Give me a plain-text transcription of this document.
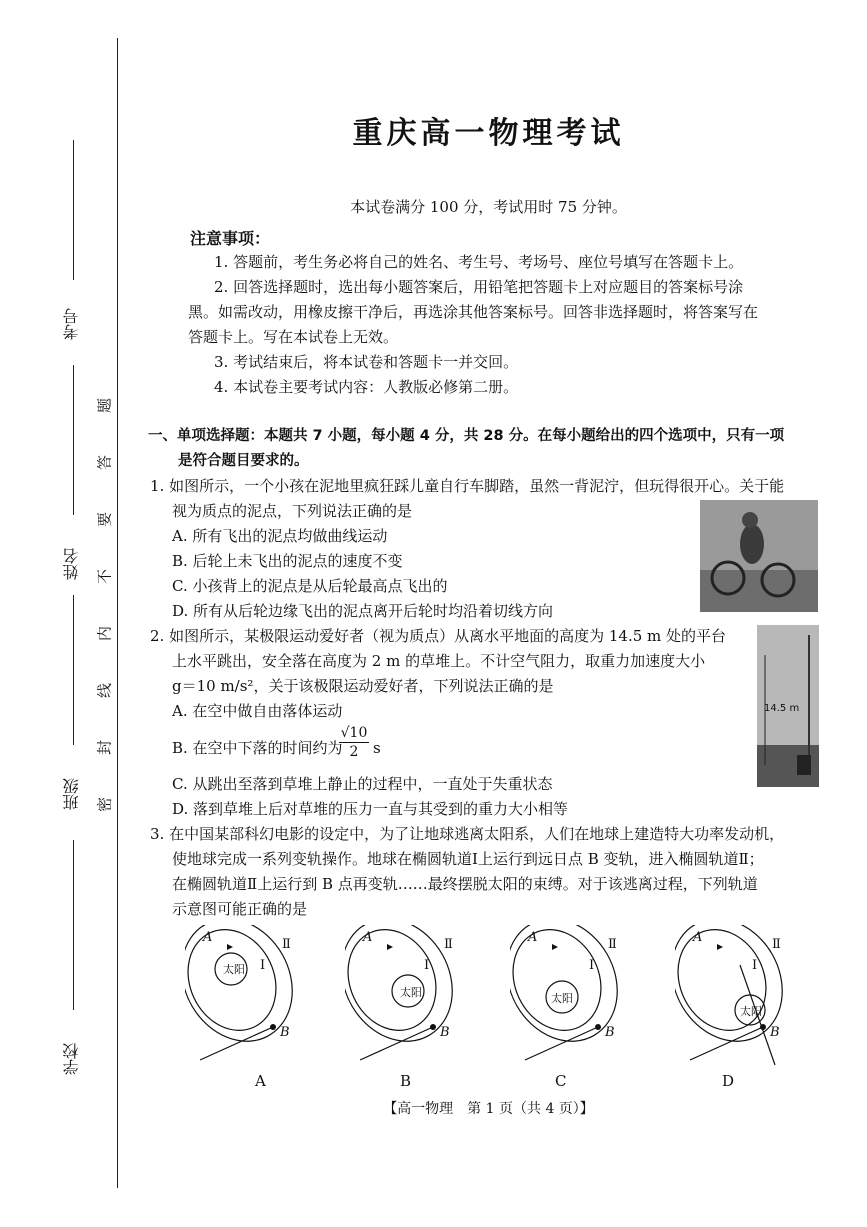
考号
姓名
班级
学校
题
答
要
不
内
线
封
密
重庆高一物理考试
本试卷满分 100 分，考试用时 75 分钟。
注意事项：
1. 答题前，考生务必将自己的姓名、考生号、考场号、座位号填写在答题卡上。
2. 回答选择题时，选出每小题答案后，用铅笔把答题卡上对应题目的答案标号涂
黑。如需改动，用橡皮擦干净后，再选涂其他答案标号。回答非选择题时，将答案写在
答题卡上。写在本试卷上无效。
3. 考试结束后，将本试卷和答题卡一并交回。
4. 本试卷主要考试内容：人教版必修第二册。
一、单项选择题：本题共 7 小题，每小题 4 分，共 28 分。在每小题给出的四个选项中，只有一项
是符合题目要求的。
1. 如图所示，一个小孩在泥地里疯狂踩儿童自行车脚踏，虽然一背泥泞，但玩得很开心。关于能
视为质点的泥点，下列说法正确的是
A. 所有飞出的泥点均做曲线运动
B. 后轮上未飞出的泥点的速度不变
C. 小孩背上的泥点是从后轮最高点飞出的
D. 所有从后轮边缘飞出的泥点离开后轮时均沿着切线方向
2. 如图所示，某极限运动爱好者（视为质点）从离水平地面的高度为 14.5 m 处的平台
上水平跳出，安全落在高度为 2 m 的草堆上。不计空气阻力，取重力加速度大小
g＝10 m/s²，关于该极限运动爱好者，下列说法正确的是
A. 在空中做自由落体运动
B. 在空中下落的时间约为
$\frac{√10}{2}$ s
C. 从跳出至落到草堆上静止的过程中，一直处于失重状态
D. 落到草堆上后对草堆的压力一直与其受到的重力大小相等
14.5 m
3. 在中国某部科幻电影的设定中，为了让地球逃离太阳系，人们在地球上建造特大功率发动机，
使地球完成一系列变轨操作。地球在椭圆轨道Ⅰ上运行到远日点 B 变轨，进入椭圆轨道Ⅱ；
在椭圆轨道Ⅱ上运行到 B 点再变轨……最终摆脱太阳的束缚。对于该逃离过程，下列轨道
示意图可能正确的是
太阳
A
B
Ⅰ
Ⅱ
A
太阳
A
B
Ⅰ
Ⅱ
B
太阳
A
B
Ⅰ
Ⅱ
C
太阳
A
B
Ⅰ
Ⅱ
D
【高一物理　第 1 页（共 4 页）】
